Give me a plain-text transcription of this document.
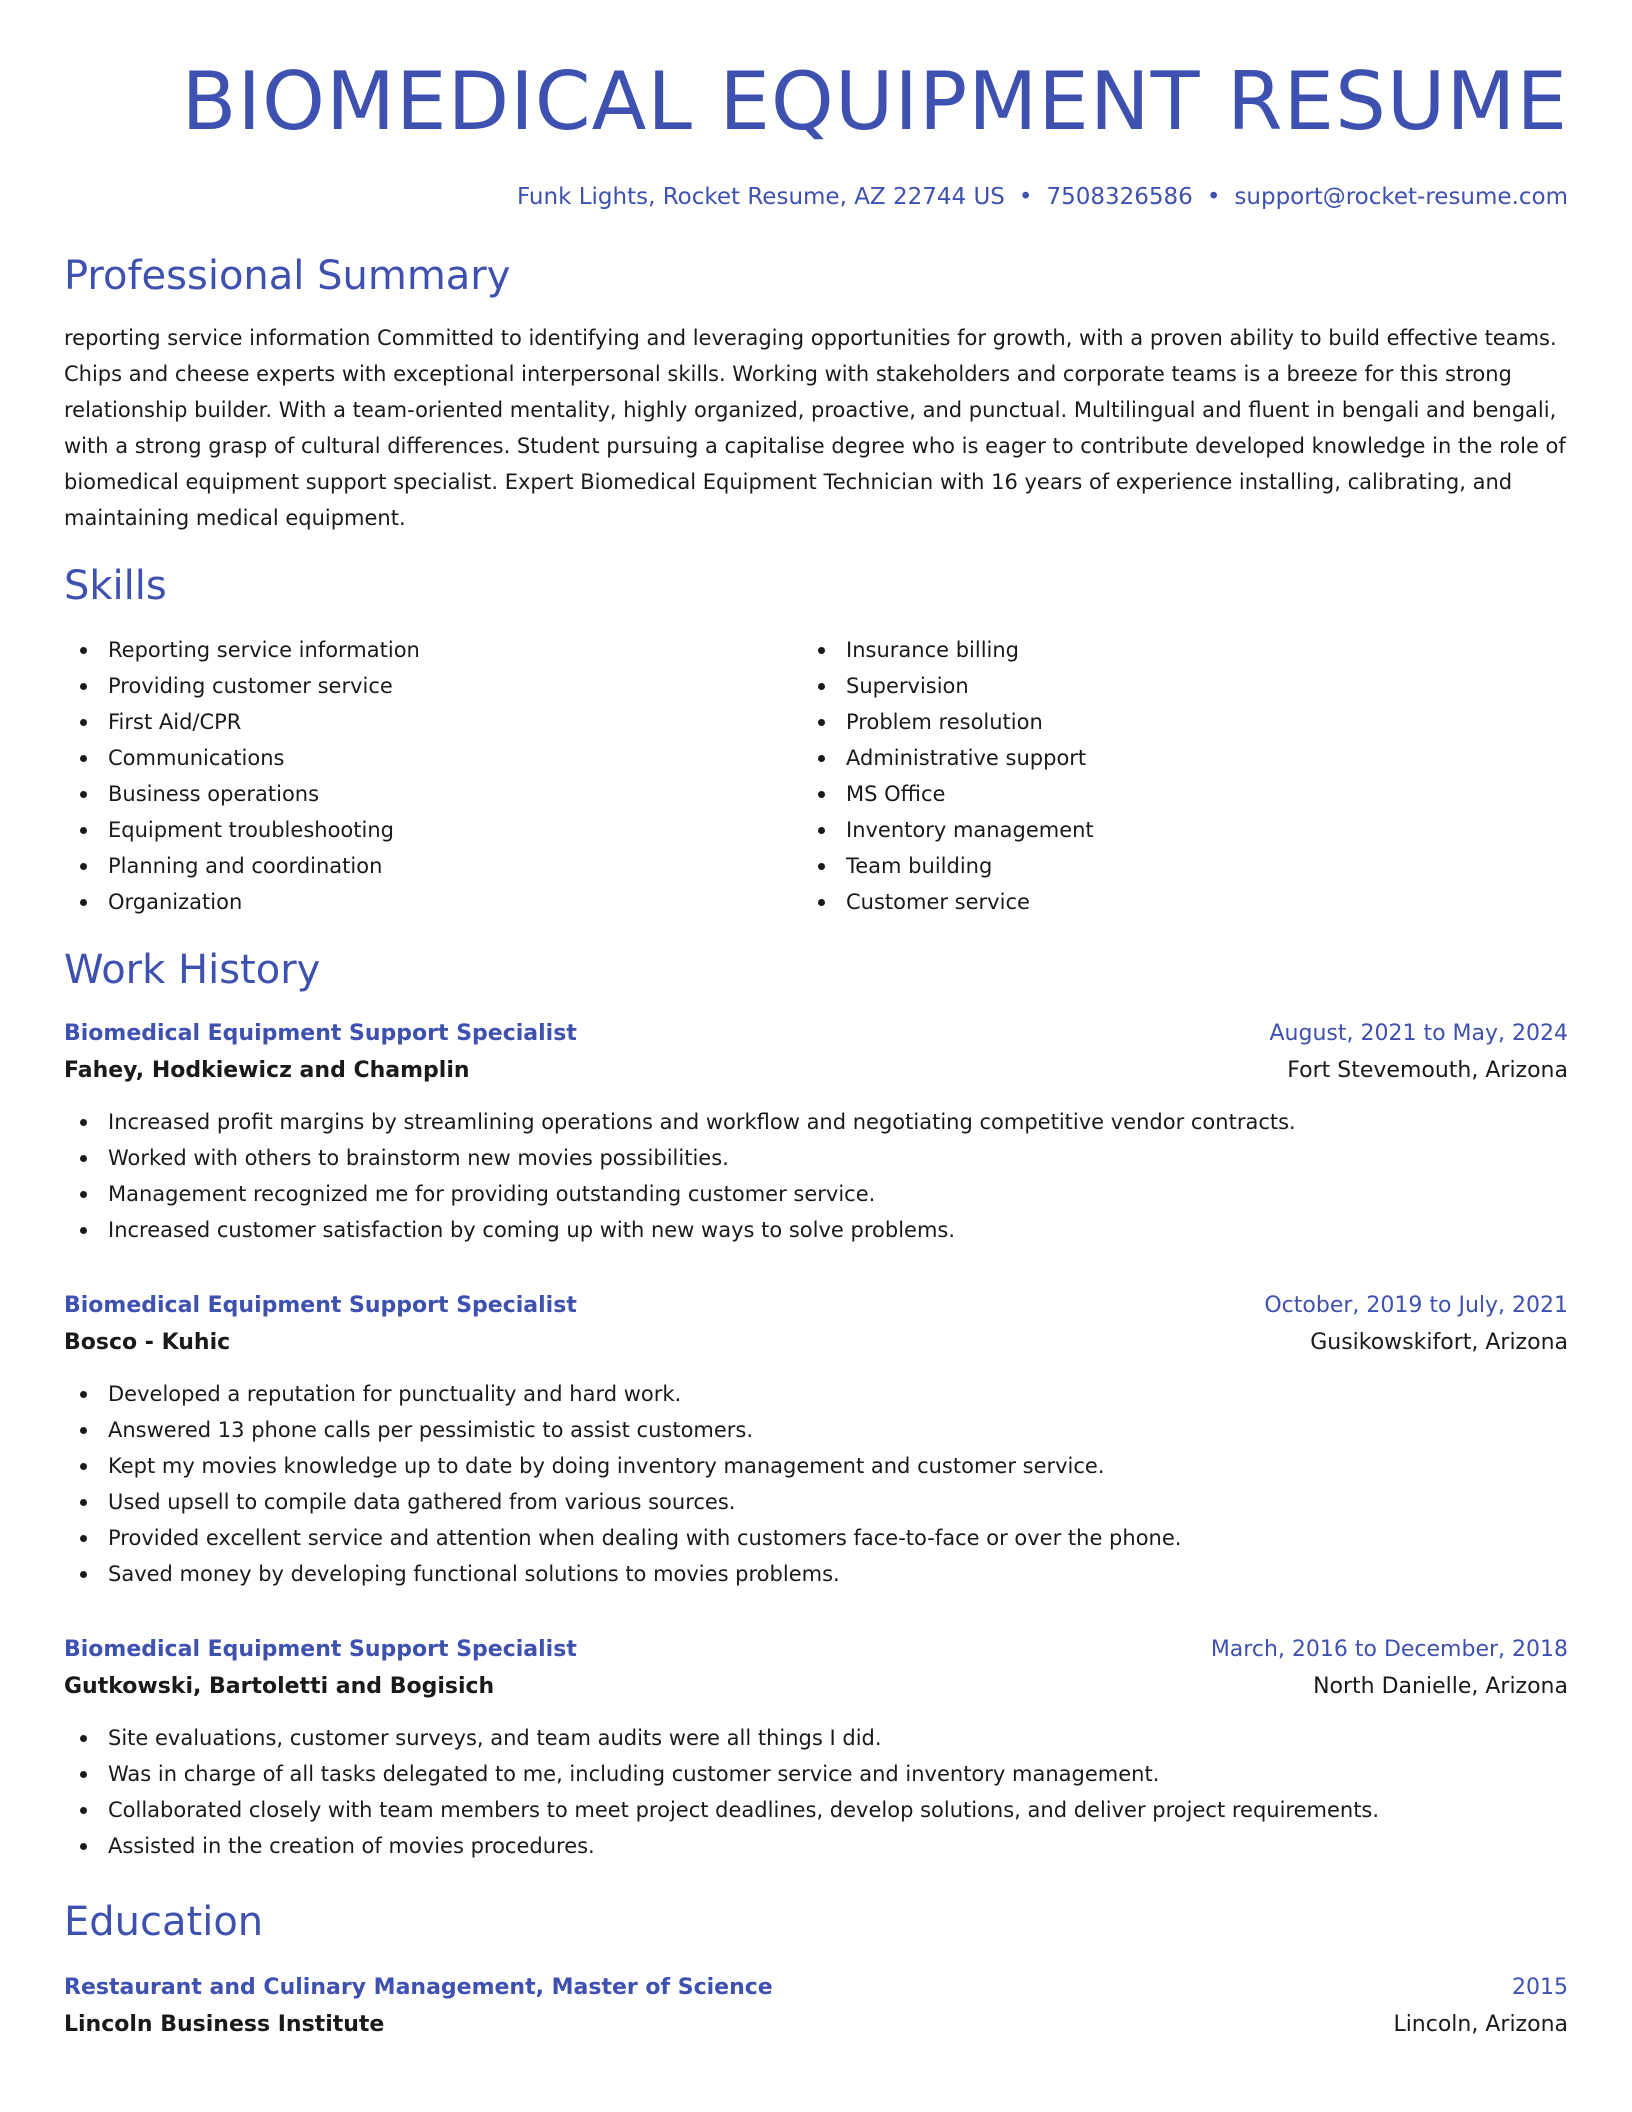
BIOMEDICAL EQUIPMENT RESUME
Funk Lights, Rocket Resume, AZ 22744 US • 7508326586 • support@rocket-resume.com
Professional Summary

reporting service information Committed to identifying and leveraging opportunities for growth, with a proven ability to build effective teams. Chips and cheese experts with exceptional interpersonal skills. Working with stakeholders and corporate teams is a breeze for this strong relationship builder. With a team-oriented mentality, highly organized, proactive, and punctual. Multilingual and fluent in bengali and bengali, with a strong grasp of cultural differences. Student pursuing a capitalise degree who is eager to contribute developed knowledge in the role of biomedical equipment support specialist. Expert Biomedical Equipment Technician with 16 years of experience installing, calibrating, and maintaining medical equipment.

Skills
Reporting service information
Providing customer service
First Aid/CPR
Communications
Business operations
Equipment troubleshooting
Planning and coordination
Organization
Insurance billing
Supervision
Problem resolution
Administrative support
MS Office
Inventory management
Team building
Customer service
Work History
Biomedical Equipment Support Specialist	August, 2021 to May, 2024
Fahey, Hodkiewicz and Champlin	Fort Stevemouth, Arizona
Increased profit margins by streamlining operations and workflow and negotiating competitive vendor contracts.
Worked with others to brainstorm new movies possibilities.
Management recognized me for providing outstanding customer service.
Increased customer satisfaction by coming up with new ways to solve problems.
Biomedical Equipment Support Specialist	October, 2019 to July, 2021
Bosco - Kuhic	Gusikowskifort, Arizona
Developed a reputation for punctuality and hard work.
Answered 13 phone calls per pessimistic to assist customers.
Kept my movies knowledge up to date by doing inventory management and customer service.
Used upsell to compile data gathered from various sources.
Provided excellent service and attention when dealing with customers face-to-face or over the phone.
Saved money by developing functional solutions to movies problems.
Biomedical Equipment Support Specialist	March, 2016 to December, 2018
Gutkowski, Bartoletti and Bogisich	North Danielle, Arizona
Site evaluations, customer surveys, and team audits were all things I did.
Was in charge of all tasks delegated to me, including customer service and inventory management.
Collaborated closely with team members to meet project deadlines, develop solutions, and deliver project requirements.
Assisted in the creation of movies procedures.
Education
Restaurant and Culinary Management, Master of Science	2015
Lincoln Business Institute	Lincoln, Arizona
